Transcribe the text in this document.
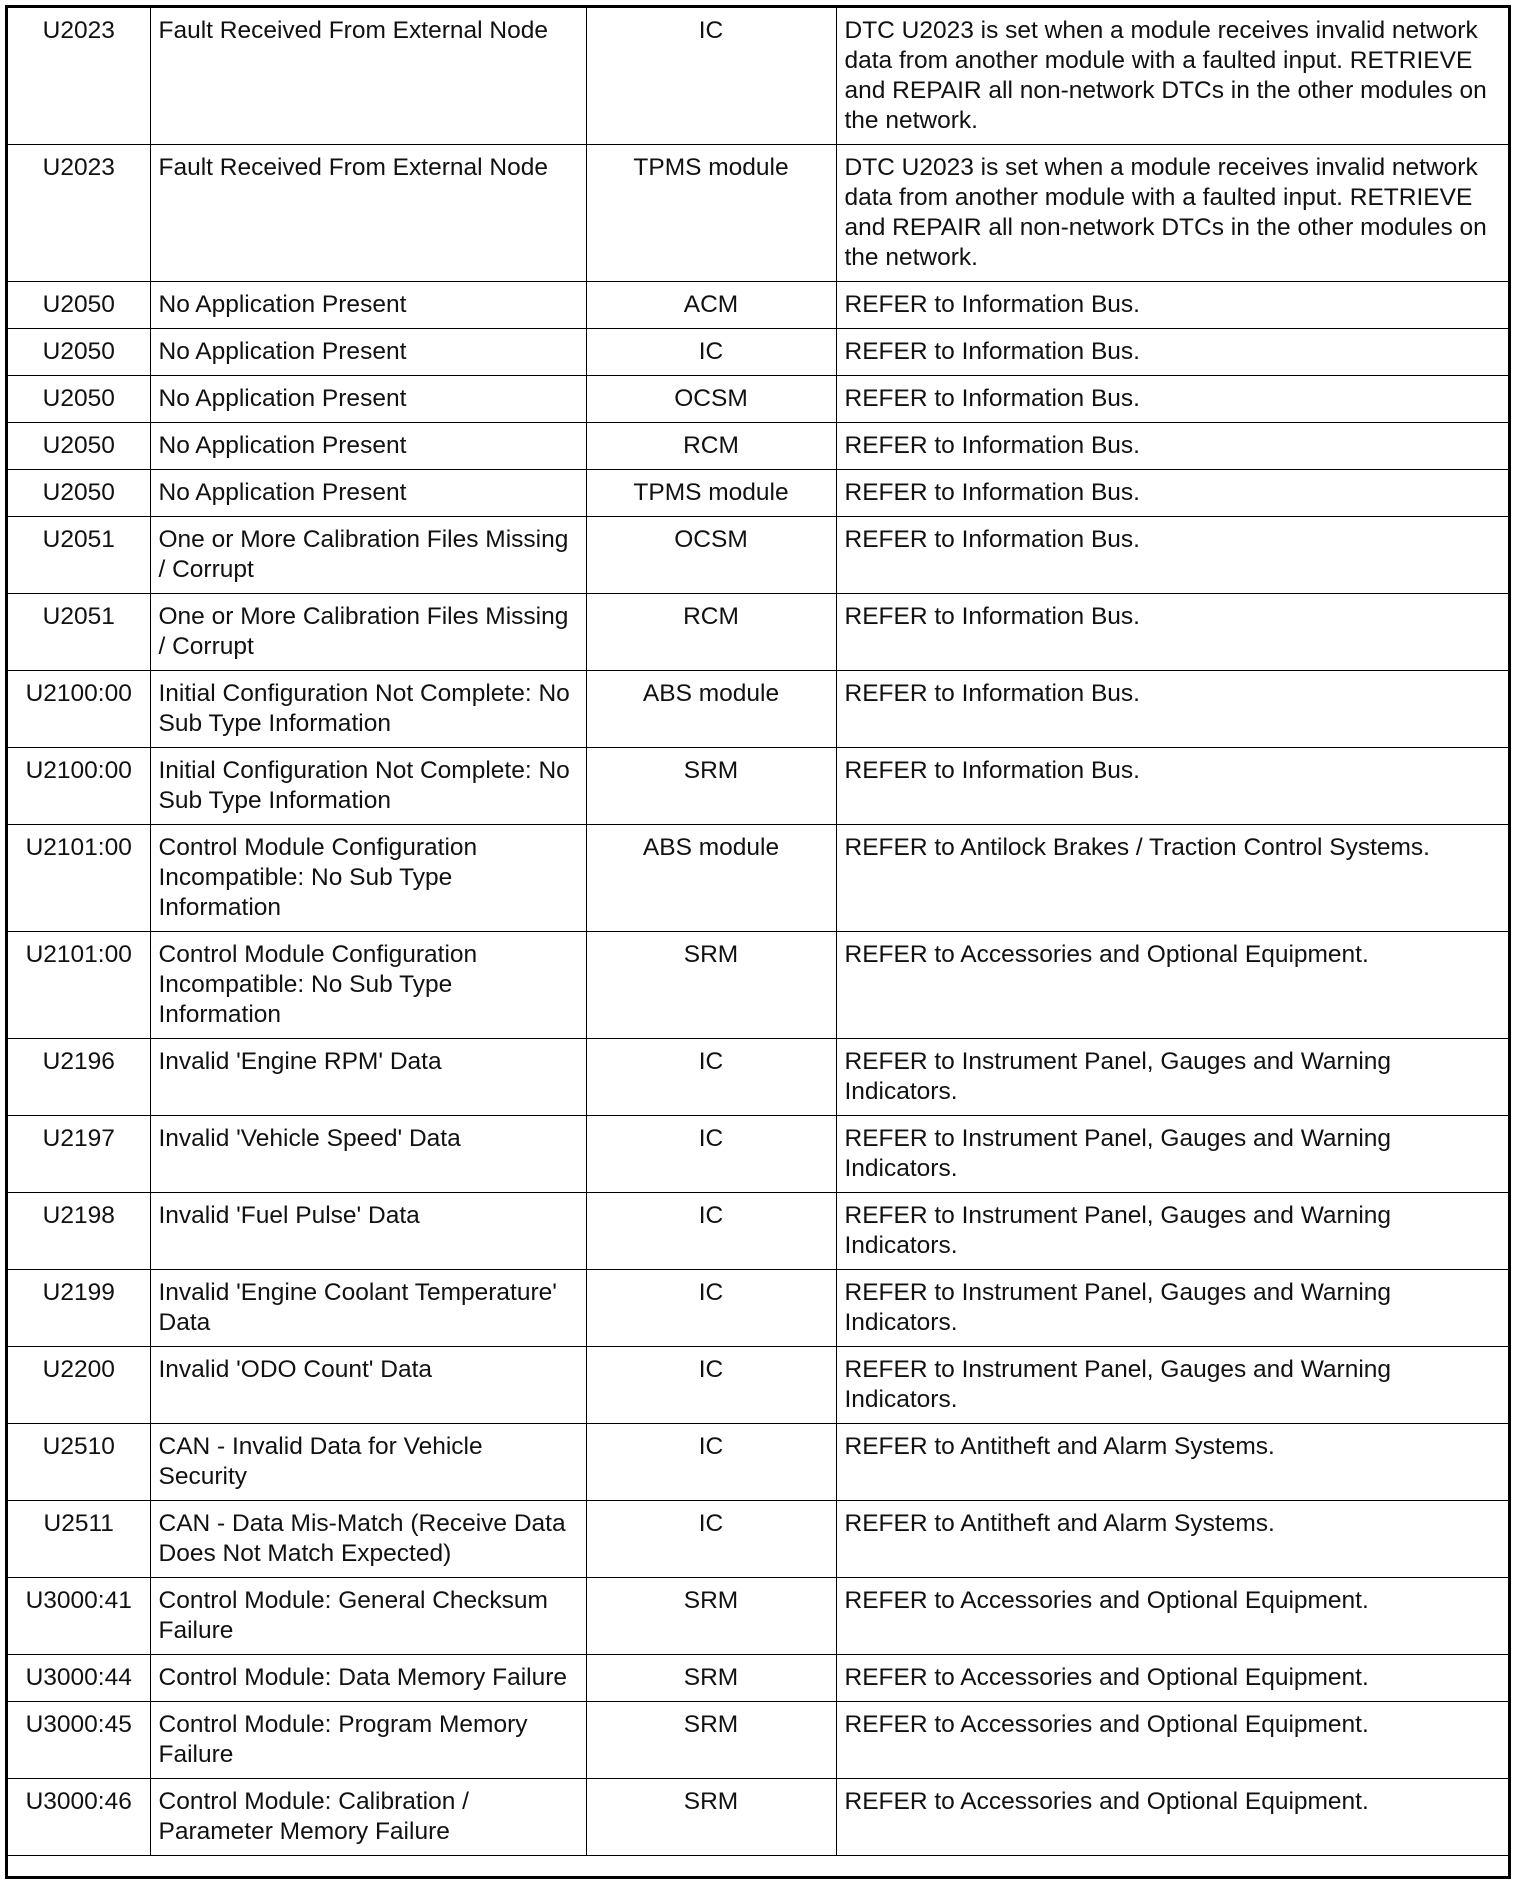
U2023	Fault Received From External Node	IC	DTC U2023 is set when a module receives invalid network data from another module with a faulted input. RETRIEVE and REPAIR all non-network DTCs in the other modules on the network.
U2023	Fault Received From External Node	TPMS module	DTC U2023 is set when a module receives invalid network data from another module with a faulted input. RETRIEVE and REPAIR all non-network DTCs in the other modules on the network.
U2050	No Application Present	ACM	REFER to Information Bus.
U2050	No Application Present	IC	REFER to Information Bus.
U2050	No Application Present	OCSM	REFER to Information Bus.
U2050	No Application Present	RCM	REFER to Information Bus.
U2050	No Application Present	TPMS module	REFER to Information Bus.
U2051	One or More Calibration Files Missing / Corrupt	OCSM	REFER to Information Bus.
U2051	One or More Calibration Files Missing / Corrupt	RCM	REFER to Information Bus.
U2100:00	Initial Configuration Not Complete: No Sub Type Information	ABS module	REFER to Information Bus.
U2100:00	Initial Configuration Not Complete: No Sub Type Information	SRM	REFER to Information Bus.
U2101:00	Control Module Configuration Incompatible: No Sub Type Information	ABS module	REFER to Antilock Brakes / Traction Control Systems.
U2101:00	Control Module Configuration Incompatible: No Sub Type Information	SRM	REFER to Accessories and Optional Equipment.
U2196	Invalid 'Engine RPM' Data	IC	REFER to Instrument Panel, Gauges and Warning Indicators.
U2197	Invalid 'Vehicle Speed' Data	IC	REFER to Instrument Panel, Gauges and Warning Indicators.
U2198	Invalid 'Fuel Pulse' Data	IC	REFER to Instrument Panel, Gauges and Warning Indicators.
U2199	Invalid 'Engine Coolant Temperature' Data	IC	REFER to Instrument Panel, Gauges and Warning Indicators.
U2200	Invalid 'ODO Count' Data	IC	REFER to Instrument Panel, Gauges and Warning Indicators.
U2510	CAN - Invalid Data for Vehicle Security	IC	REFER to Antitheft and Alarm Systems.
U2511	CAN - Data Mis-Match (Receive Data Does Not Match Expected)	IC	REFER to Antitheft and Alarm Systems.
U3000:41	Control Module: General Checksum Failure	SRM	REFER to Accessories and Optional Equipment.
U3000:44	Control Module: Data Memory Failure	SRM	REFER to Accessories and Optional Equipment.
U3000:45	Control Module: Program Memory Failure	SRM	REFER to Accessories and Optional Equipment.
U3000:46	Control Module: Calibration / Parameter Memory Failure	SRM	REFER to Accessories and Optional Equipment.
